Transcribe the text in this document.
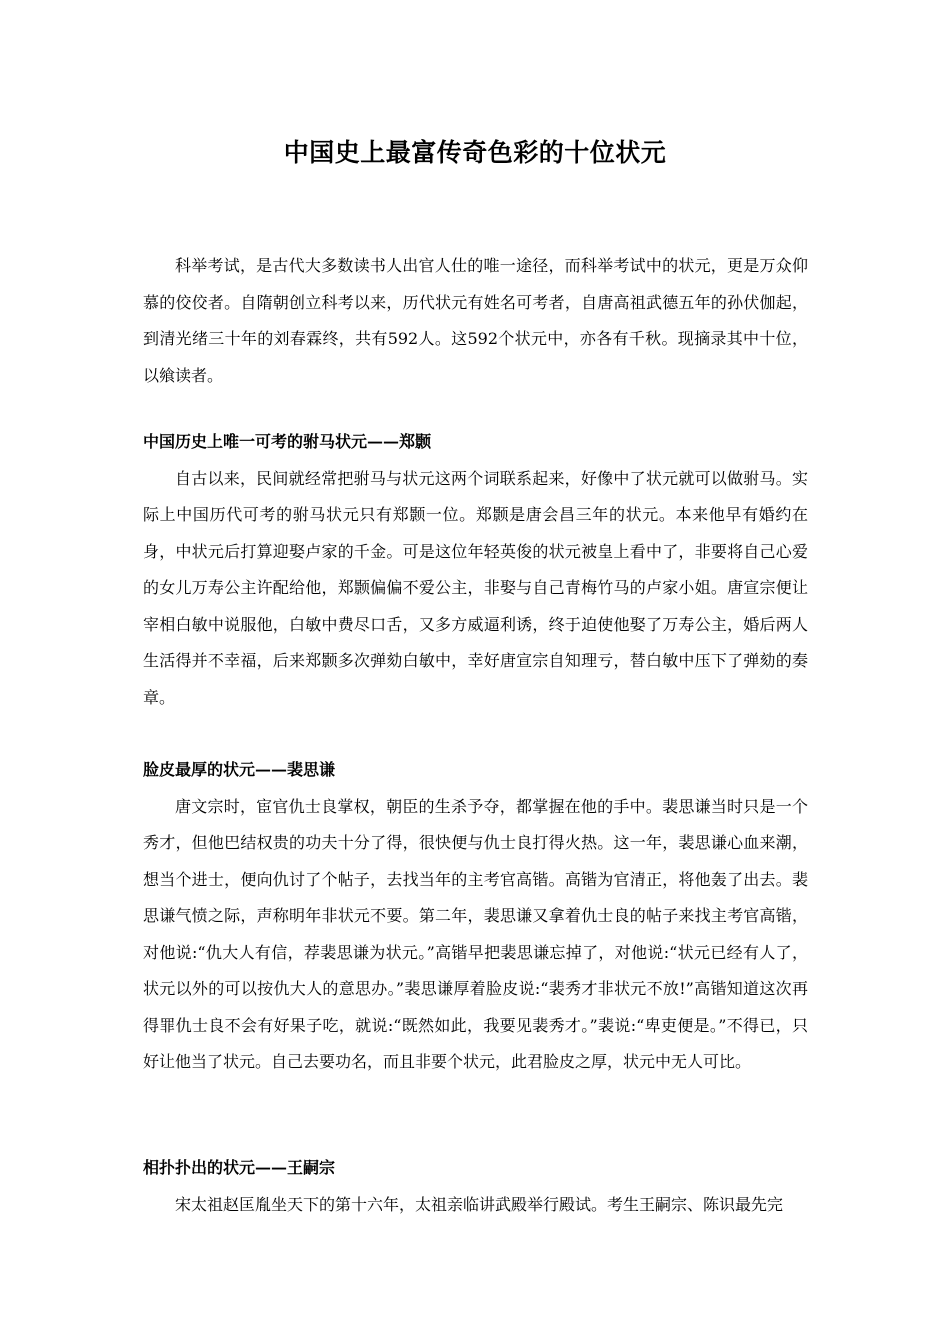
中国史上最富传奇色彩的十位状元

科举考试，是古代大多数读书人出官人仕的唯一途径，而科举考试中的状元，更是万众仰慕的佼佼者。自隋朝创立科考以来，历代状元有姓名可考者，自唐高祖武德五年的孙伏伽起，到清光绪三十年的刘春霖终，共有592人。这592个状元中，亦各有千秋。现摘录其中十位，以飨读者。

中国历史上唯一可考的驸马状元——郑颢

自古以来，民间就经常把驸马与状元这两个词联系起来，好像中了状元就可以做驸马。实际上中国历代可考的驸马状元只有郑颢一位。郑颢是唐会昌三年的状元。本来他早有婚约在身，中状元后打算迎娶卢家的千金。可是这位年轻英俊的状元被皇上看中了，非要将自己心爱的女儿万寿公主许配给他，郑颢偏偏不爱公主，非娶与自己青梅竹马的卢家小姐。唐宣宗便让宰相白敏中说服他，白敏中费尽口舌，又多方威逼利诱，终于迫使他娶了万寿公主，婚后两人生活得并不幸福，后来郑颢多次弹劾白敏中，幸好唐宣宗自知理亏，替白敏中压下了弹劾的奏章。

脸皮最厚的状元——裴思谦

唐文宗时，宦官仇士良掌权，朝臣的生杀予夺，都掌握在他的手中。裴思谦当时只是一个秀才，但他巴结权贵的功夫十分了得，很快便与仇士良打得火热。这一年，裴思谦心血来潮，想当个进士，便向仇讨了个帖子，去找当年的主考官高锴。高锴为官清正，将他轰了出去。裴思谦气愤之际，声称明年非状元不要。第二年，裴思谦又拿着仇士良的帖子来找主考官高锴，对他说:“仇大人有信，荐裴思谦为状元。”高锴早把裴思谦忘掉了，对他说:“状元已经有人了，状元以外的可以按仇大人的意思办。”裴思谦厚着脸皮说:“裴秀才非状元不放!”高锴知道这次再得罪仇士良不会有好果子吃，就说:“既然如此，我要见裴秀才。”裴说:“卑吏便是。”不得已，只好让他当了状元。自己去要功名，而且非要个状元，此君脸皮之厚，状元中无人可比。

相扑扑出的状元——王嗣宗

宋太祖赵匡胤坐天下的第十六年，太祖亲临讲武殿举行殿试。考生王嗣宗、陈识最先完
